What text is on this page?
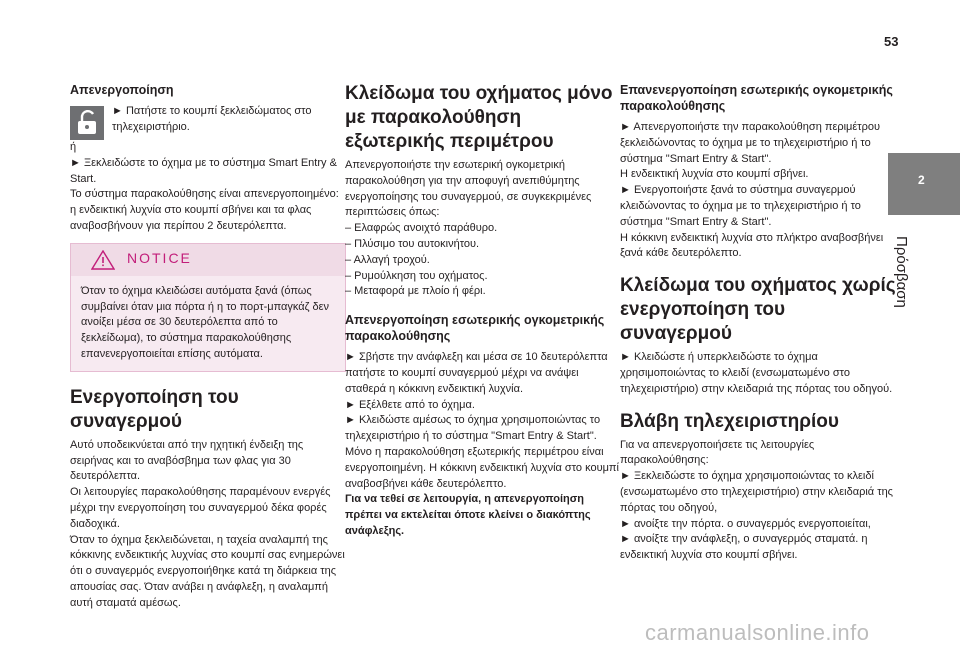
53
2
Πρόσβαση

Απενεργοποίηση

► Πατήστε το κουμπί ξεκλειδώματος στο τηλεχειριστήριο.

ή

► Ξεκλειδώστε το όχημα με το σύστημα Smart Entry & Start.

Το σύστημα παρακολούθησης είναι απενεργοποιημένο: η ενδεικτική λυχνία στο κουμπί σβήνει και τα φλας αναβοσβήνουν για περίπου 2 δευτερόλεπτα.

NOTICE

Όταν το όχημα κλειδώσει αυτόματα ξανά (όπως συμβαίνει όταν μια πόρτα ή η το πορτ-μπαγκάζ δεν ανοίξει μέσα σε 30 δευτερόλεπτα από το ξεκλείδωμα), το σύστημα παρακολούθησης επανενεργοποιείται επίσης αυτόματα.

Ενεργοποίηση του συναγερμού

Αυτό υποδεικνύεται από την ηχητική ένδειξη της σειρήνας και το αναβόσβημα των φλας για 30 δευτερόλεπτα.

Οι λειτουργίες παρακολούθησης παραμένουν ενεργές μέχρι την ενεργοποίηση του συναγερμού δέκα φορές διαδοχικά.

Όταν το όχημα ξεκλειδώνεται, η ταχεία αναλαμπή της κόκκινης ενδεικτικής λυχνίας στο κουμπί σας ενημερώνει ότι ο συναγερμός ενεργοποιήθηκε κατά τη διάρκεια της απουσίας σας. Όταν ανάβει η ανάφλεξη, η αναλαμπή αυτή σταματά αμέσως.

Κλείδωμα του οχήματος μόνο με παρακολούθηση εξωτερικής περιμέτρου

Απενεργοποιήστε την εσωτερική ογκομετρική παρακολούθηση για την αποφυγή ανεπιθύμητης ενεργοποίησης του συναγερμού, σε συγκεκριμένες περιπτώσεις όπως:

– Ελαφρώς ανοιχτό παράθυρο.

– Πλύσιμο του αυτοκινήτου.

– Αλλαγή τροχού.

– Ρυμούλκηση του οχήματος.

– Μεταφορά με πλοίο ή φέρι.

Απενεργοποίηση εσωτερικής ογκομετρικής παρακολούθησης

► Σβήστε την ανάφλεξη και μέσα σε 10 δευτερόλεπτα πατήστε το κουμπί συναγερμού μέχρι να ανάψει σταθερά η κόκκινη ενδεικτική λυχνία.

► Εξέλθετε από το όχημα.

► Κλειδώστε αμέσως το όχημα χρησιμοποιώντας το τηλεχειριστήριο ή το σύστημα "Smart Entry & Start".

Μόνο η παρακολούθηση εξωτερικής περιμέτρου είναι ενεργοποιημένη. Η κόκκινη ενδεικτική λυχνία στο κουμπί αναβοσβήνει κάθε δευτερόλεπτο.

Για να τεθεί σε λειτουργία, η απενεργοποίηση πρέπει να εκτελείται όποτε κλείνει ο διακόπτης ανάφλεξης.

Επανενεργοποίηση εσωτερικής ογκομετρικής παρακολούθησης

► Απενεργοποιήστε την παρακολούθηση περιμέτρου ξεκλειδώνοντας το όχημα με το τηλεχειριστήριο ή το σύστημα "Smart Entry & Start".

Η ενδεικτική λυχνία στο κουμπί σβήνει.

► Ενεργοποιήστε ξανά το σύστημα συναγερμού κλειδώνοντας το όχημα με το τηλεχειριστήριο ή το σύστημα "Smart Entry & Start".

Η κόκκινη ενδεικτική λυχνία στο πλήκτρο αναβοσβήνει ξανά κάθε δευτερόλεπτο.

Κλείδωμα του οχήματος χωρίς ενεργοποίηση του συναγερμού

► Κλειδώστε ή υπερκλειδώστε το όχημα χρησιμοποιώντας το κλειδί (ενσωματωμένο στο τηλεχειριστήριο) στην κλειδαριά της πόρτας του οδηγού.

Βλάβη τηλεχειριστηρίου

Για να απενεργοποιήσετε τις λειτουργίες παρακολούθησης:

► Ξεκλειδώστε το όχημα χρησιμοποιώντας το κλειδί (ενσωματωμένο στο τηλεχειριστήριο) στην κλειδαριά της πόρτας του οδηγού,

► ανοίξτε την πόρτα. ο συναγερμός ενεργοποιείται,

► ανοίξτε την ανάφλεξη, ο συναγερμός σταματά. η ενδεικτική λυχνία στο κουμπί σβήνει.

carmanualsonline.info
